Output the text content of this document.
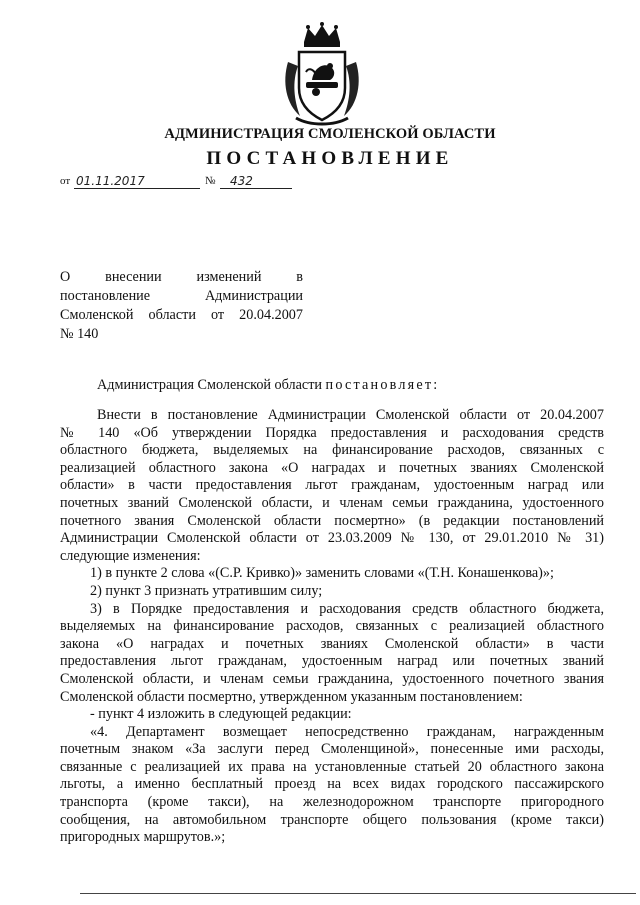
АДМИНИСТРАЦИЯ СМОЛЕНСКОЙ ОБЛАСТИ
ПОСТАНОВЛЕНИЕ
от 01.11.2017	№ 432
О внесении изменений в
постановление Администрации
Смоленской области от 20.04.2007
№ 140
Администрация Смоленской области постановляет:
Внести в постановление Администрации Смоленской области от 20.04.2007
№ 140 «Об утверждении Порядка предоставления и расходования средств
областного бюджета, выделяемых на финансирование расходов, связанных с
реализацией областного закона «О наградах и почетных званиях Смоленской
области» в части предоставления льгот гражданам, удостоенным наград или
почетных званий Смоленской области, и членам семьи гражданина, удостоенного
почетного звания Смоленской области посмертно» (в редакции постановлений
Администрации Смоленской области от 23.03.2009 № 130, от 29.01.2010 № 31)
следующие изменения:
1) в пункте 2 слова «(С.Р. Кривко)» заменить словами «(Т.Н. Конашенкова)»;
2) пункт 3 признать утратившим силу;
3) в Порядке предоставления и расходования средств областного бюджета,
выделяемых на финансирование расходов, связанных с реализацией областного
закона «О наградах и почетных званиях Смоленской области» в части
предоставления льгот гражданам, удостоенным наград или почетных званий
Смоленской области, и членам семьи гражданина, удостоенного почетного звания
Смоленской области посмертно, утвержденном указанным постановлением:
- пункт 4 изложить в следующей редакции:
«4. Департамент возмещает непосредственно гражданам, награжденным
почетным знаком «За заслуги перед Смоленщиной», понесенные ими расходы,
связанные с реализацией их права на установленные статьей 20 областного закона
льготы, а именно бесплатный проезд на всех видах городского пассажирского
транспорта (кроме такси), на железнодорожном транспорте пригородного
сообщения, на автомобильном транспорте общего пользования (кроме такси)
пригородных маршрутов.»;
